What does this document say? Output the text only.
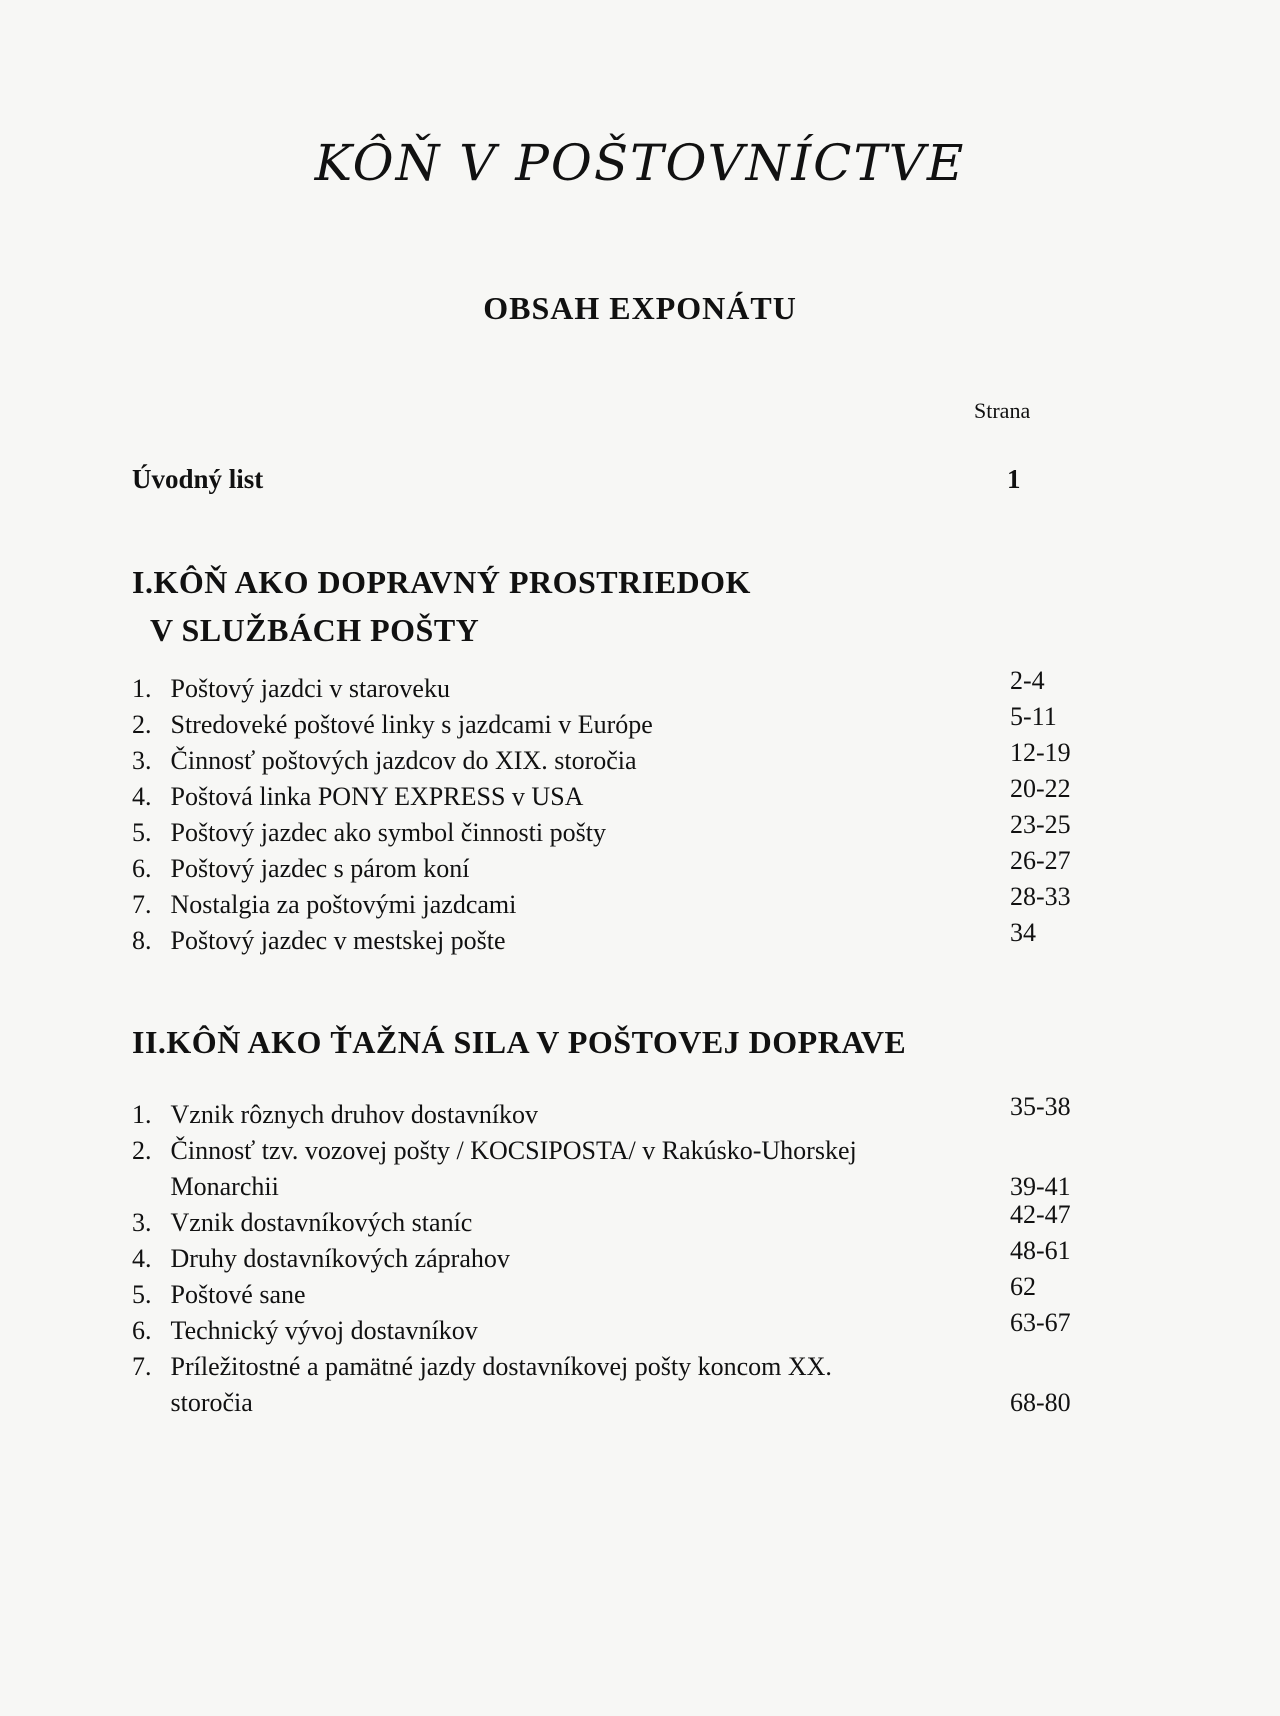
KÔŇ V POŠTOVNÍCTVE
OBSAH EXPONÁTU
Strana
Úvodný list	1
I.KÔŇ AKO DOPRAVNÝ PROSTRIEDOK
V SLUŽBÁCH POŠTY
1. Poštový jazdci v staroveku	2-4
2. Stredoveké poštové linky s jazdcami v Európe	5-11
3. Činnosť poštových jazdcov do XIX. storočia	12-19
4. Poštová linka PONY EXPRESS v USA	20-22
5. Poštový jazdec ako symbol činnosti pošty	23-25
6. Poštový jazdec s párom koní	26-27
7. Nostalgia za poštovými jazdcami	28-33
8. Poštový jazdec v mestskej pošte	34
II.KÔŇ AKO ŤAŽNÁ SILA V POŠTOVEJ DOPRAVE
1. Vznik rôznych druhov dostavníkov	35-38
2. Činnosť tzv. vozovej pošty / KOCSIPOSTA/ v Rakúsko-Uhorskej Monarchii	39-41
3. Vznik dostavníkových staníc	42-47
4. Druhy dostavníkových záprahov	48-61
5. Poštové sane	62
6. Technický vývoj dostavníkov	63-67
7. Príležitostné a pamätné jazdy dostavníkovej pošty koncom XX. storočia	68-80
